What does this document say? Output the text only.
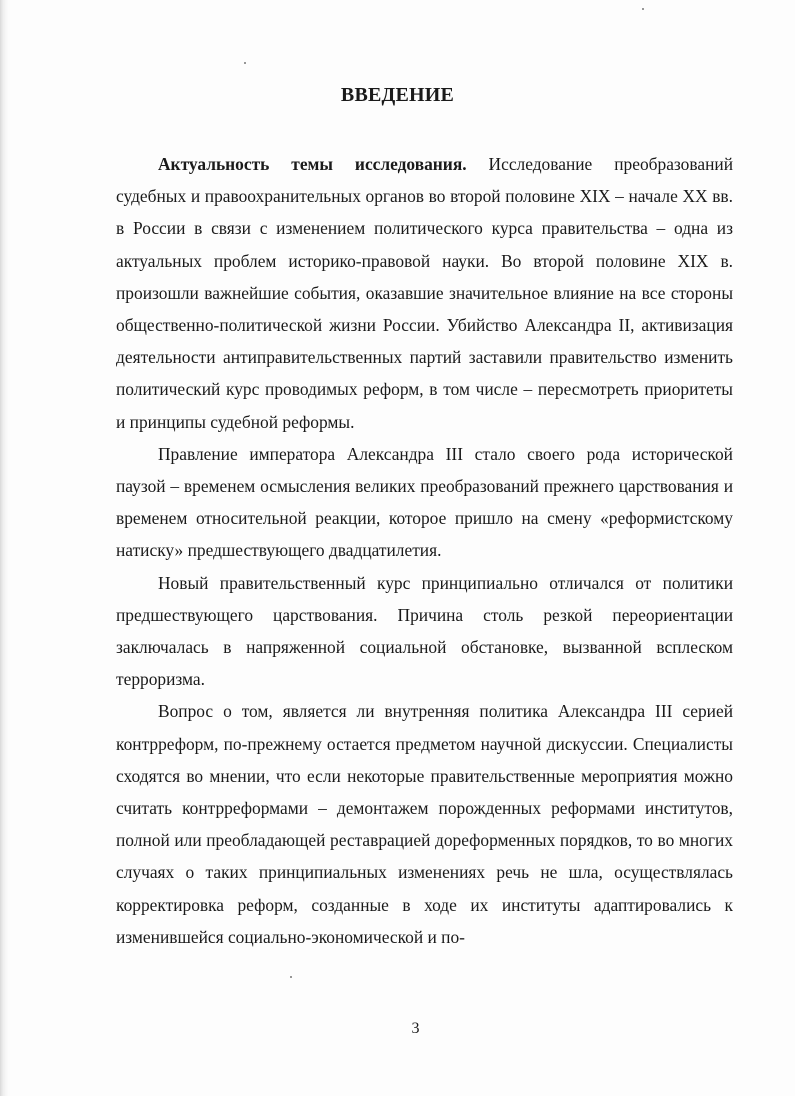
ВВЕДЕНИЕ

Актуальность темы исследования. Исследование преобразований судебных и правоохранительных органов во второй половине XIX – начале XX вв. в России в связи с изменением политического курса правительства – одна из актуальных проблем историко-правовой науки. Во второй половине XIX в. произошли важнейшие события, оказавшие значительное влияние на все стороны общественно-политической жизни России. Убийство Александра II, активизация деятельности антиправительственных партий заставили правительство изменить политический курс проводимых реформ, в том числе – пересмотреть приоритеты и принципы судебной реформы.

Правление императора Александра III стало своего рода исторической паузой – временем осмысления великих преобразований прежнего царствования и временем относительной реакции, которое пришло на смену «реформистскому натиску» предшествующего двадцатилетия.

Новый правительственный курс принципиально отличался от политики предшествующего царствования. Причина столь резкой переориентации заключалась в напряженной социальной обстановке, вызванной всплеском терроризма.

Вопрос о том, является ли внутренняя политика Александра III серией контрреформ, по-прежнему остается предметом научной дискуссии. Специалисты сходятся во мнении, что если некоторые правительственные мероприятия можно считать контрреформами – демонтажем порожденных реформами институтов, полной или преобладающей реставрацией дореформенных порядков, то во многих случаях о таких принципиальных изменениях речь не шла, осуществлялась корректировка реформ, созданные в ходе их институты адаптировались к изменившейся социально-экономической и по-

3
